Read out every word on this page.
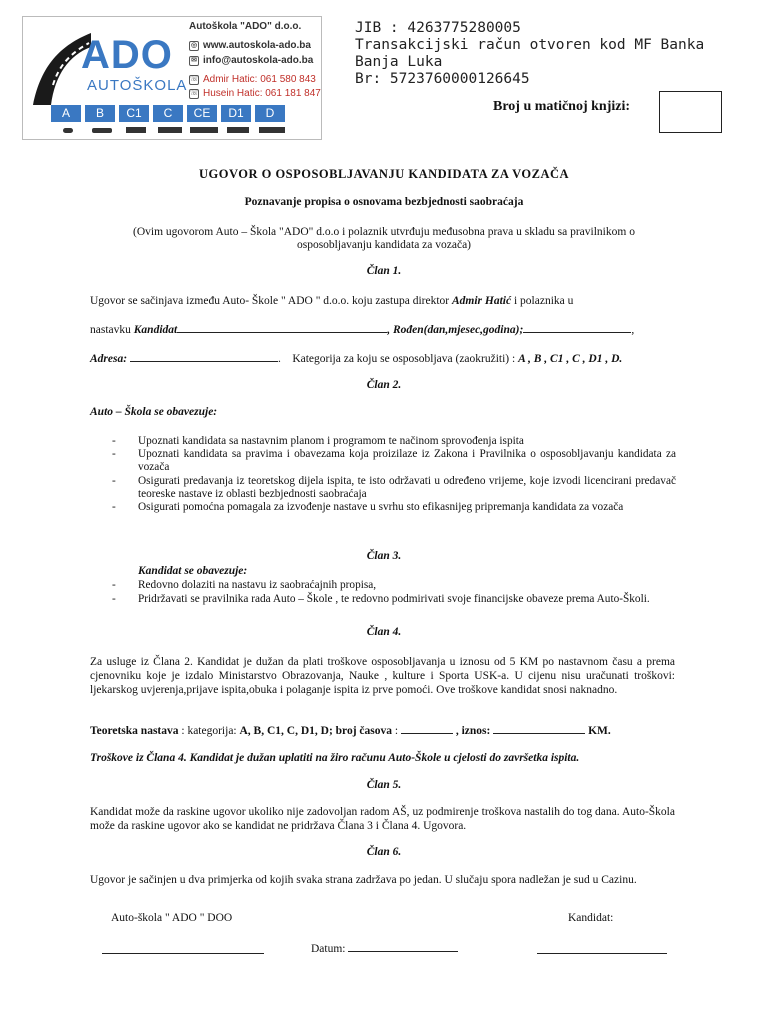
ADO
AUTOŠKOLA
Autoškola "ADO" d.o.o.
◎ www.autoskola-ado.ba
✉ info@autoskola-ado.ba
☏ Admir Hatic: 061 580 843
☏ Husein Hatic: 061 181 847
A	B	C1	C	CE	D1	D
JIB : 4263775280005
Transakcijski račun otvoren kod MF Banka
Banja Luka
Br: 5723760000126645
Broj u matičnoj knjizi:
UGOVOR O OSPOSOBLJAVANJU KANDIDATA ZA VOZAČA
Poznavanje propisa o osnovama bezbjednosti saobraćaja
(Ovim ugovorom Auto – Škola "ADO" d.o.o i polaznik utvrđuju međusobna prava u skladu sa pravilnikom o
osposobljavanju kandidata za vozača)
Član 1.
Ugovor se sačinjava između Auto- Škole " ADO " d.o.o. koju zastupa direktor Admir Hatić i polaznika u
nastavku Kandidat	, Rođen(dan,mjesec,godina);	,
Adresa:	. Kategorija za koju se osposobljava (zaokružiti) : A , B , C1 , C , D1 , D.
Član 2.
Auto – Škola se obavezuje:
- Upoznati kandidata sa nastavnim planom i programom te načinom sprovođenja ispita
- Upoznati kandidata sa pravima i obavezama koja proizilaze iz Zakona i Pravilnika o osposobljavanju kandidata za vozača
- Osigurati predavanja iz teoretskog dijela ispita, te isto održavati u određeno vrijeme, koje izvodi licencirani predavač teoreske nastave iz oblasti bezbjednosti saobraćaja
- Osigurati pomoćna pomagala za izvođenje nastave u svrhu sto efikasnijeg pripremanja kandidata za vozača
Član 3.
Kandidat se obavezuje:
- Redovno dolaziti na nastavu iz saobraćajnih propisa,
- Pridržavati se pravilnika rada Auto – Škole , te redovno podmirivati svoje financijske obaveze prema Auto-Školi.
Član 4.
Za usluge iz Člana 2. Kandidat je dužan da plati troškove osposobljavanja u iznosu od 5 KM po nastavnom času a prema cjenovniku koje je izdalo Ministarstvo Obrazovanja, Nauke , kulture i Sporta USK-a. U cijenu nisu uračunati troškovi: ljekarskog uvjerenja,prijave ispita,obuka i polaganje ispita iz prve pomoći. Ove troškove kandidat snosi naknadno.
Teoretska nastava : kategorija: A, B, C1, C, D1, D; broj časova :	, iznos:	KM.
Troškove iz Člana 4. Kandidat je dužan uplatiti na žiro računu Auto-Škole u cjelosti do završetka ispita.
Član 5.
Kandidat može da raskine ugovor ukoliko nije zadovoljan radom AŠ, uz podmirenje troškova nastalih do tog dana. Auto-Škola može da raskine ugovor ako se kandidat ne pridržava Člana 3 i Člana 4. Ugovora.
Član 6.
Ugovor je sačinjen u dva primjerka od kojih svaka strana zadržava po jedan. U slučaju spora nadležan je sud u Cazinu.
Auto-škola " ADO " DOO	Kandidat:
Datum:
